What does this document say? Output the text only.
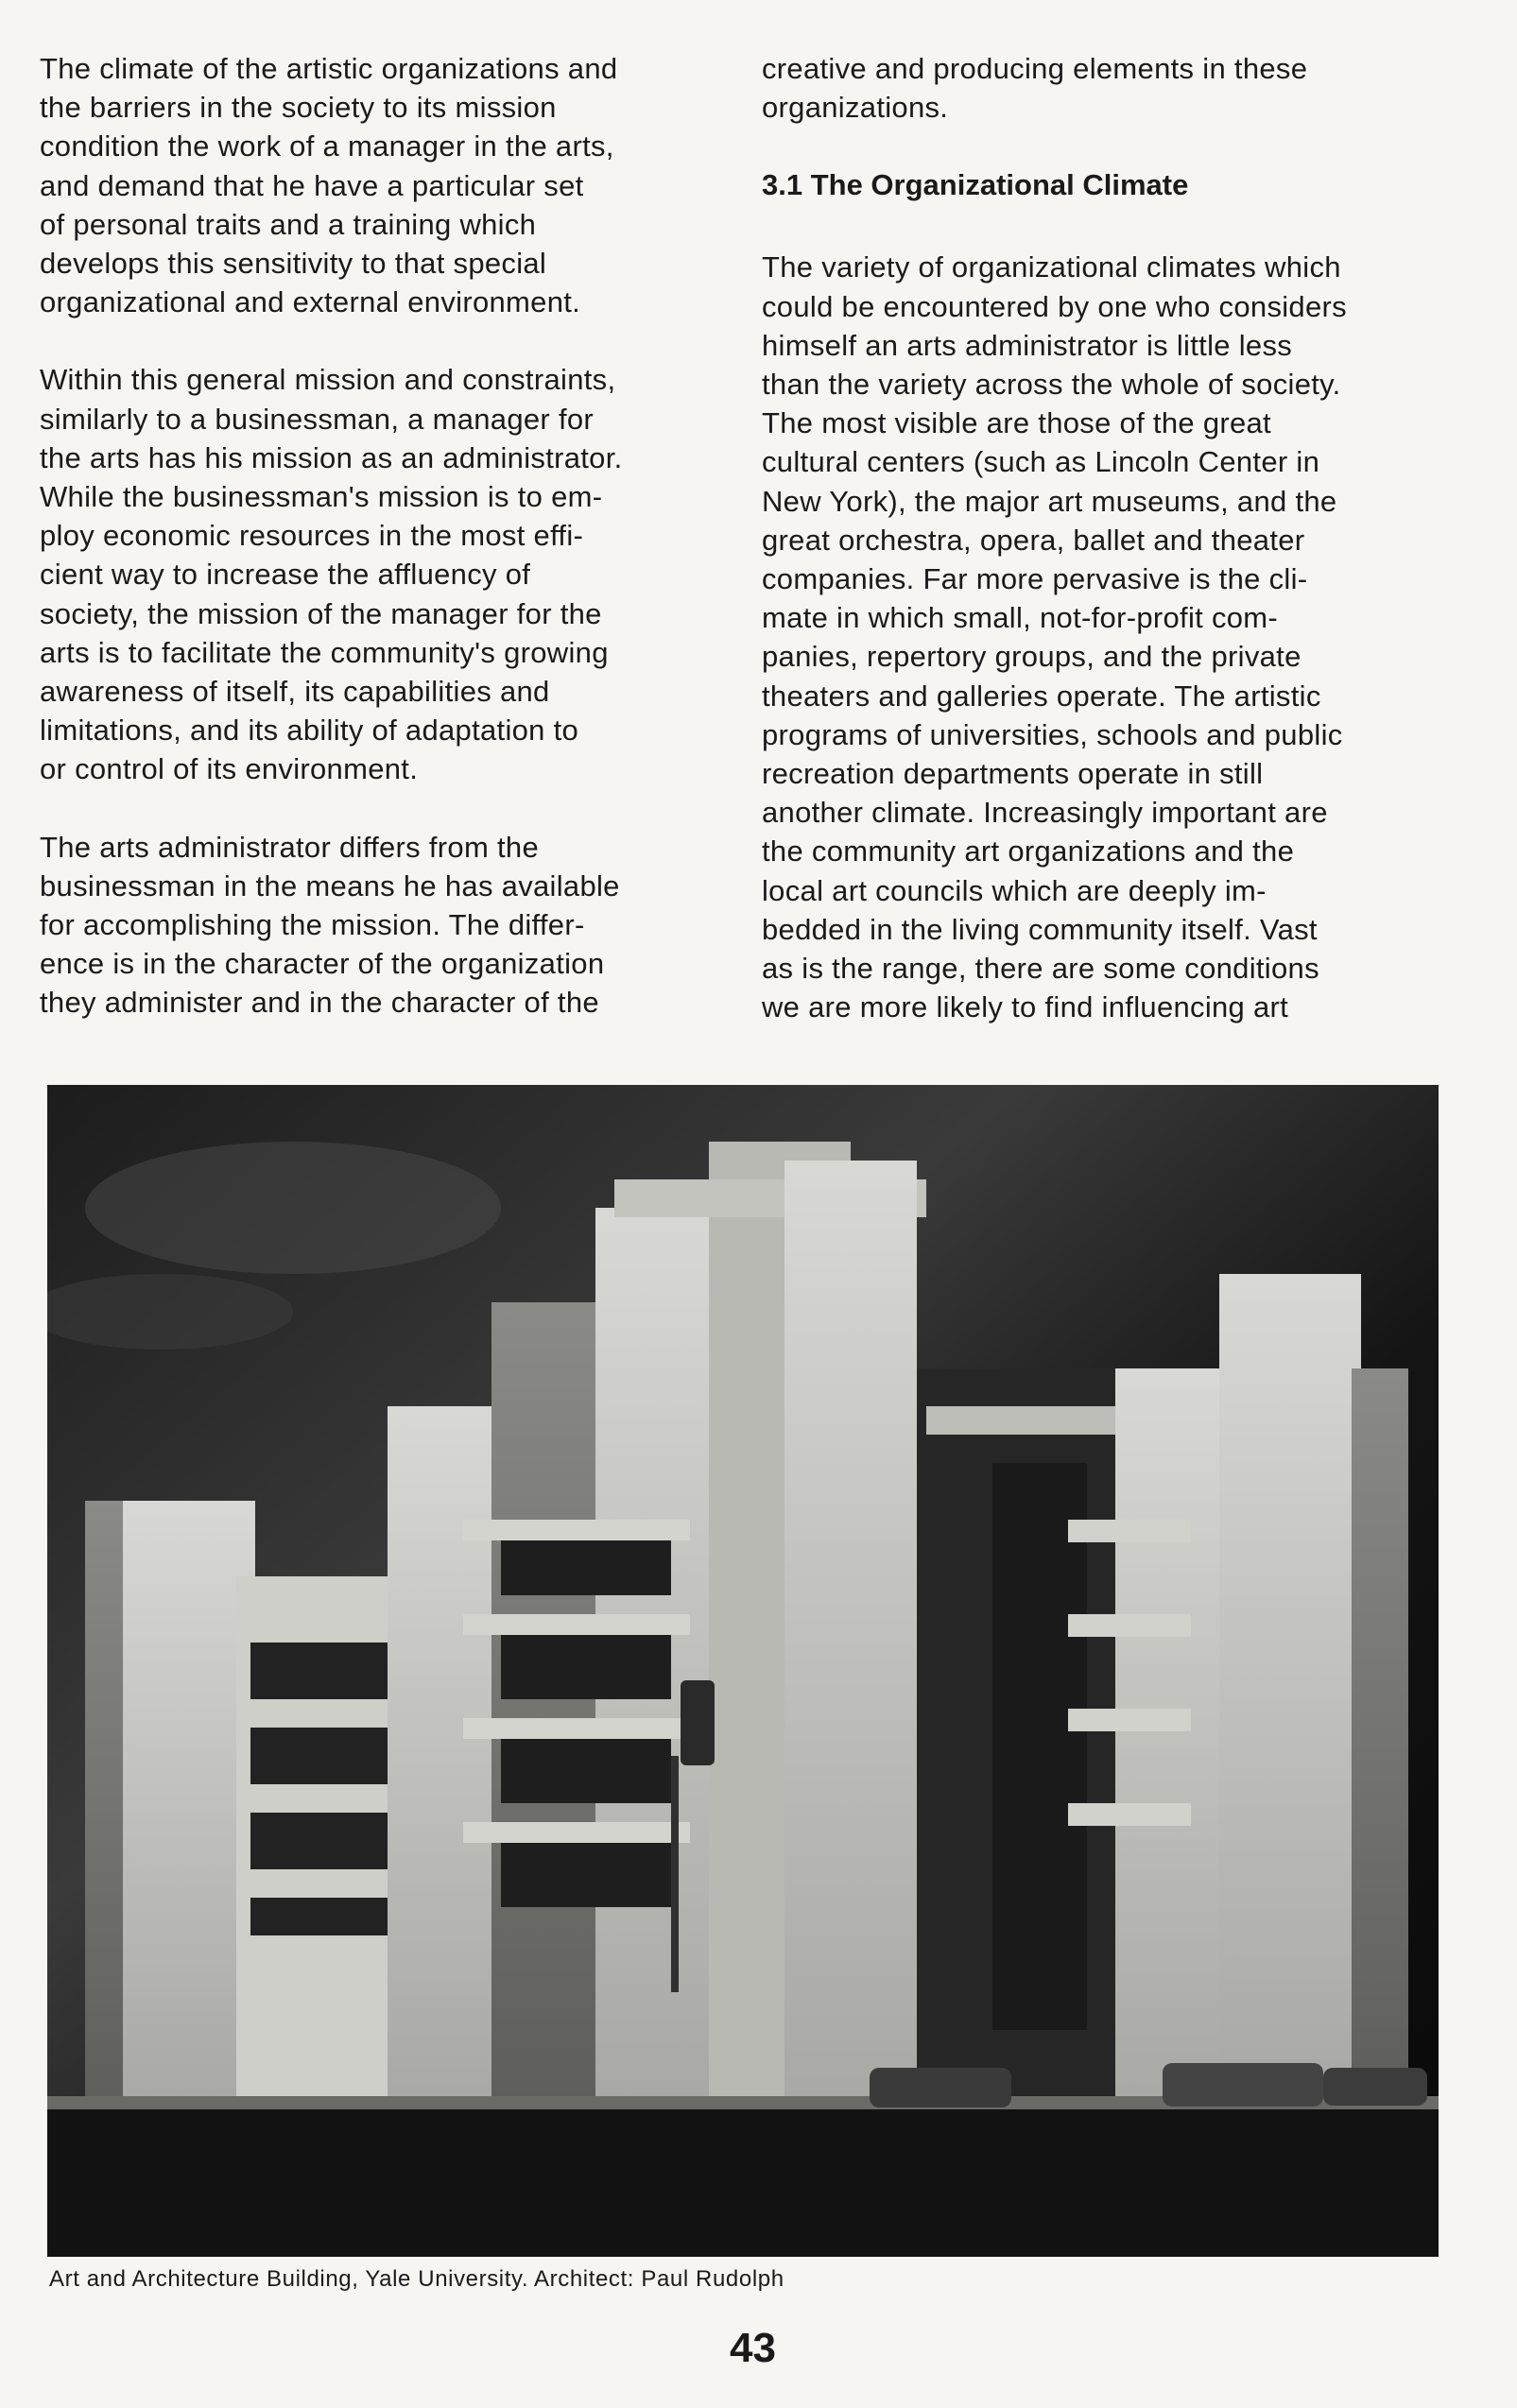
The climate of the artistic organizations and
the barriers in the society to its mission
condition the work of a manager in the arts,
and demand that he have a particular set
of personal traits and a training which
develops this sensitivity to that special
organizational and external environment.

Within this general mission and constraints,
similarly to a businessman, a manager for
the arts has his mission as an administrator.
While the businessman's mission is to em-
ploy economic resources in the most effi-
cient way to increase the affluency of
society, the mission of the manager for the
arts is to facilitate the community's growing
awareness of itself, its capabilities and
limitations, and its ability of adaptation to
or control of its environment.

The arts administrator differs from the
businessman in the means he has available
for accomplishing the mission. The differ-
ence is in the character of the organization
they administer and in the character of the

creative and producing elements in these
organizations.

3.1 The Organizational Climate

The variety of organizational climates which
could be encountered by one who considers
himself an arts administrator is little less
than the variety across the whole of society.
The most visible are those of the great
cultural centers (such as Lincoln Center in
New York), the major art museums, and the
great orchestra, opera, ballet and theater
companies. Far more pervasive is the cli-
mate in which small, not-for-profit com-
panies, repertory groups, and the private
theaters and galleries operate. The artistic
programs of universities, schools and public
recreation departments operate in still
another climate. Increasingly important are
the community art organizations and the
local art councils which are deeply im-
bedded in the living community itself. Vast
as is the range, there are some conditions
we are more likely to find influencing art

Art and Architecture Building, Yale University. Architect: Paul Rudolph
43
